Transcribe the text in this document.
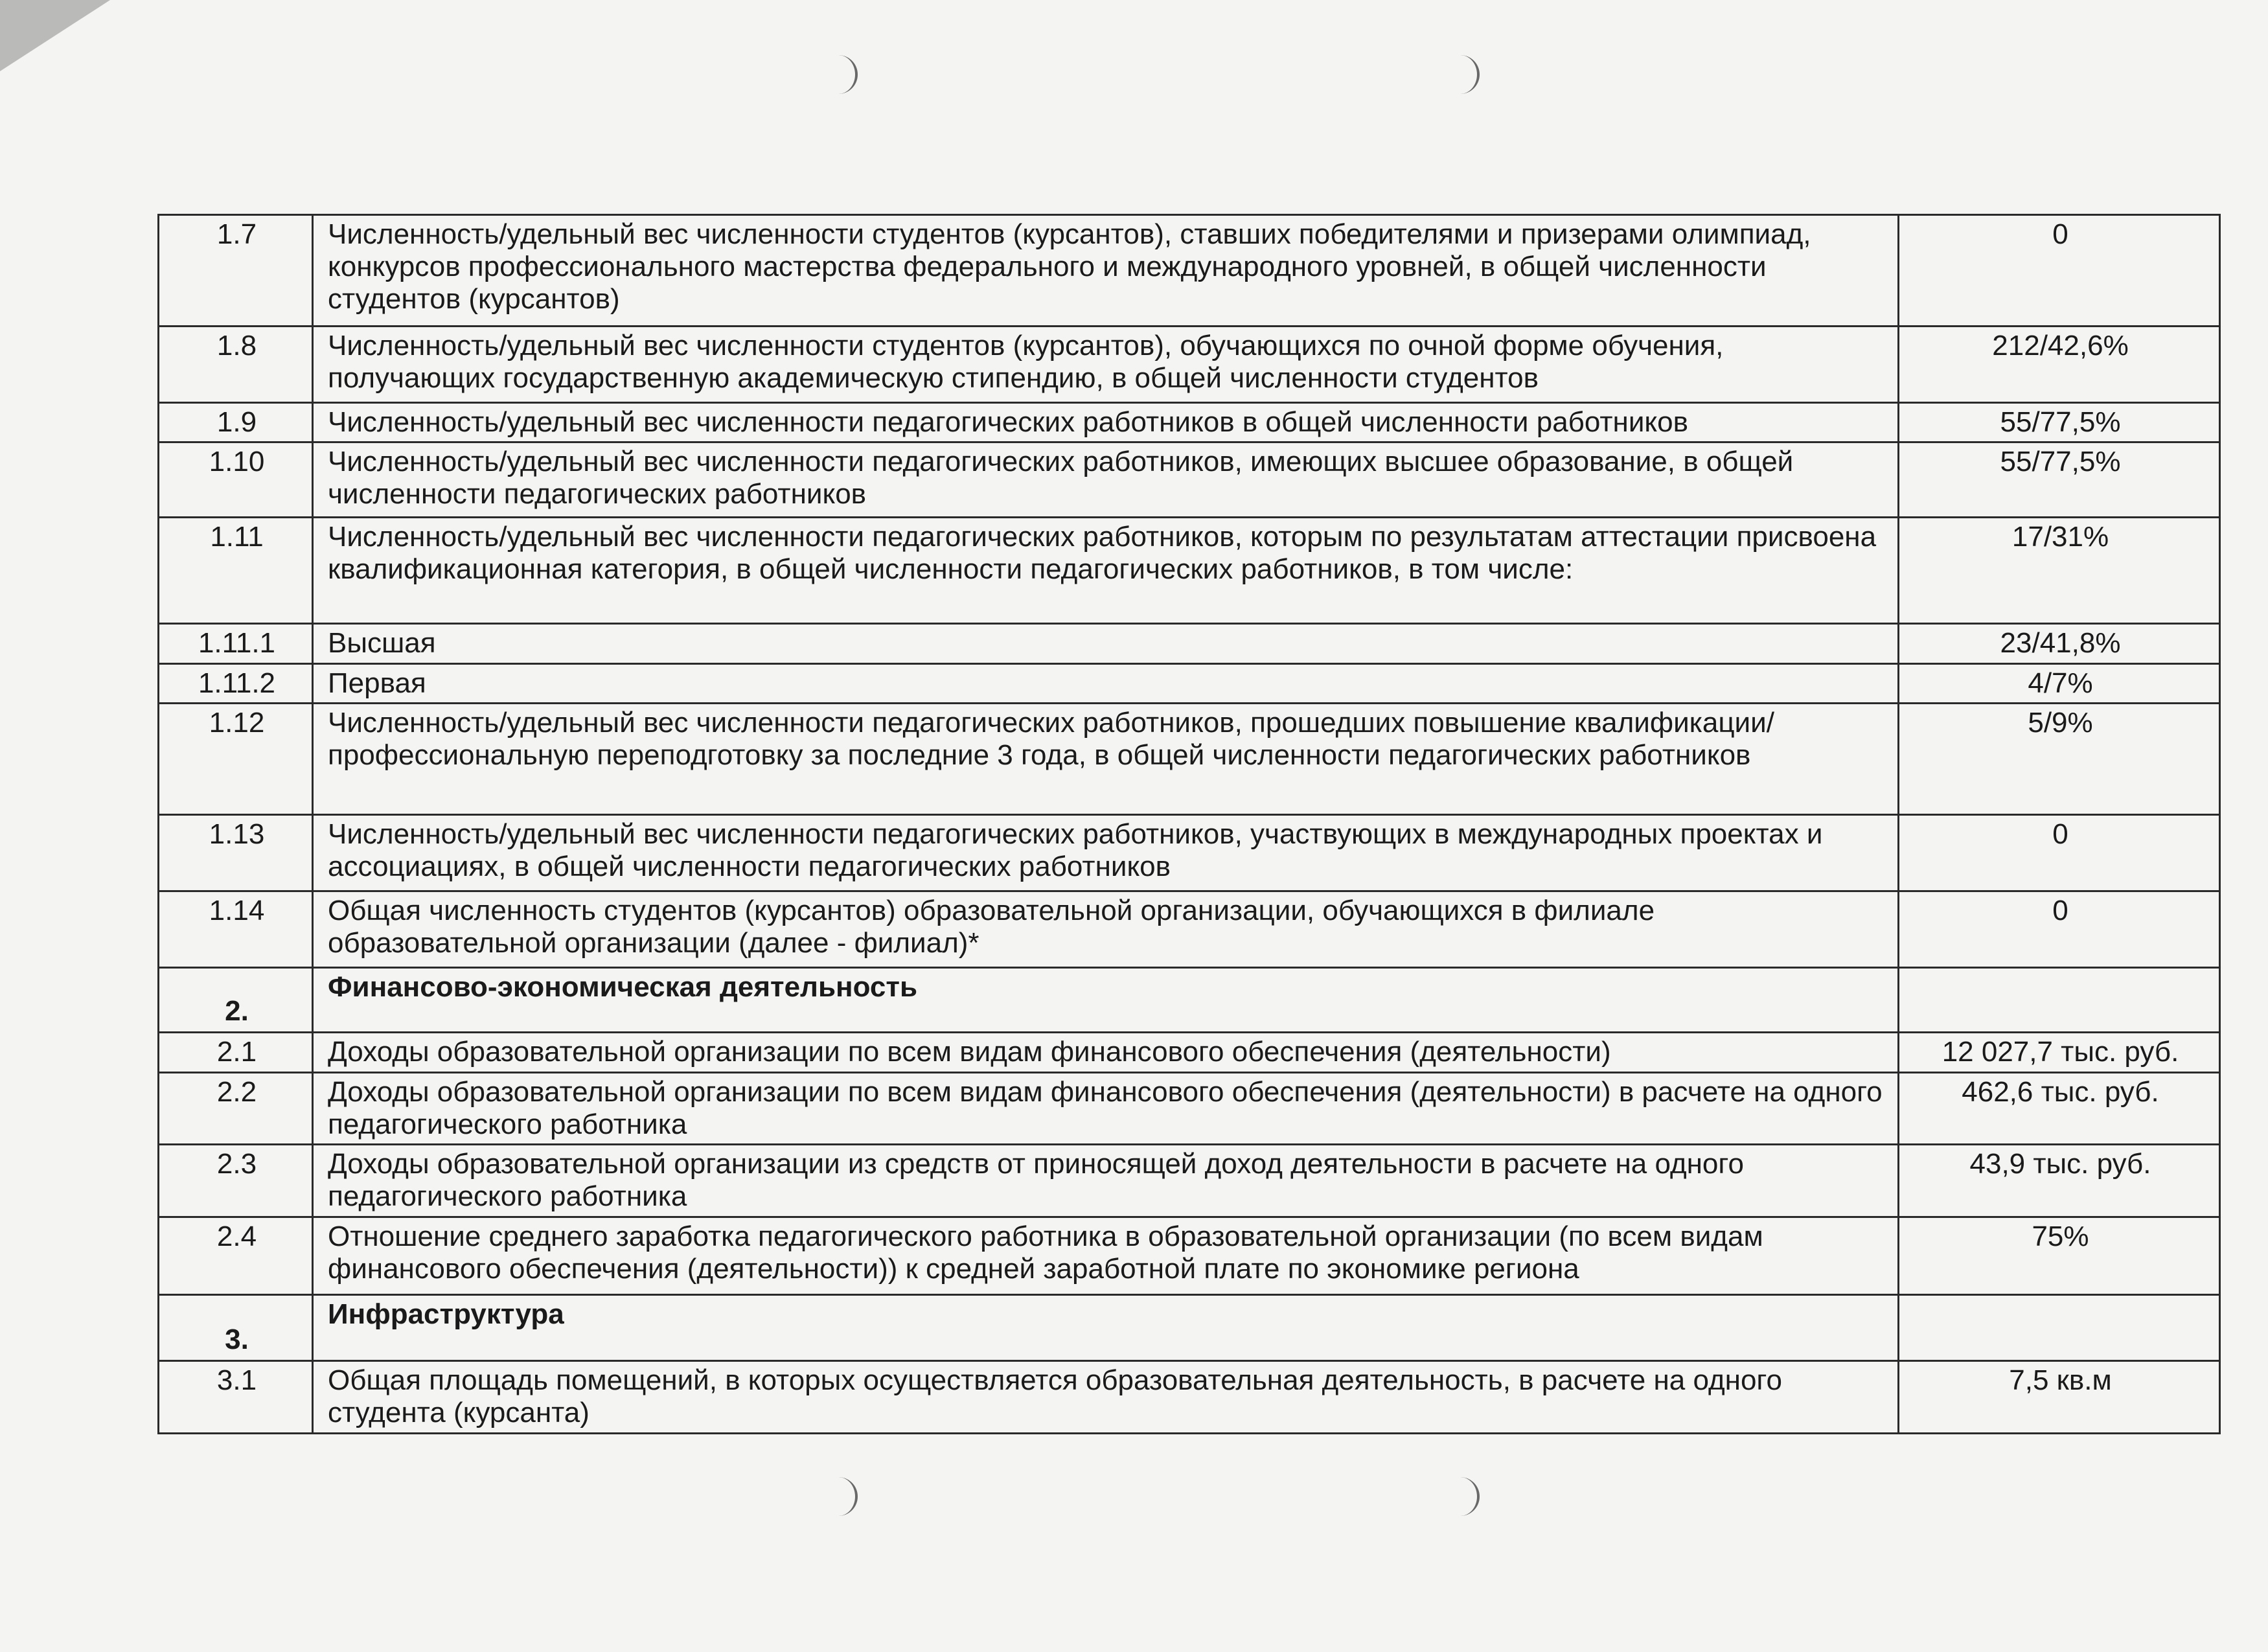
1.7	Численность/удельный вес численности студентов (курсантов), ставших победителями и призерами олимпиад, конкурсов профессионального мастерства федерального и международного уровней, в общей численности студентов (курсантов)	0
1.8	Численность/удельный вес численности студентов (курсантов), обучающихся по очной форме обучения, получающих государственную академическую стипендию, в общей численности студентов	212/42,6%
1.9	Численность/удельный вес численности педагогических работников в общей численности работников	55/77,5%
1.10	Численность/удельный вес численности педагогических работников, имеющих высшее образование, в общей численности педагогических работников	55/77,5%
1.11	Численность/удельный вес численности педагогических работников, которым по результатам аттестации присвоена квалификационная категория, в общей численности педагогических работников, в том числе:	17/31%
1.11.1	Высшая	23/41,8%
1.11.2	Первая	4/7%
1.12	Численность/удельный вес численности педагогических работников, прошедших повышение квалификации/профессиональную переподготовку за последние 3 года, в общей численности педагогических работников	5/9%
1.13	Численность/удельный вес численности педагогических работников, участвующих в международных проектах и ассоциациях, в общей численности педагогических работников	0
1.14	Общая численность студентов (курсантов) образовательной организации, обучающихся в филиале образовательной организации (далее - филиал)*	0
2.	Финансово-экономическая деятельность	
2.1	Доходы образовательной организации по всем видам финансового обеспечения (деятельности)	12 027,7 тыс. руб.
2.2	Доходы образовательной организации по всем видам финансового обеспечения (деятельности) в расчете на одного педагогического работника	462,6 тыс. руб.
2.3	Доходы образовательной организации из средств от приносящей доход деятельности в расчете на одного педагогического работника	43,9 тыс. руб.
2.4	Отношение среднего заработка педагогического работника в образовательной организации (по всем видам финансового обеспечения (деятельности)) к средней заработной плате по экономике региона	75%
3.	Инфраструктура	
3.1	Общая площадь помещений, в которых осуществляется образовательная деятельность, в расчете на одного студента (курсанта)	7,5 кв.м
